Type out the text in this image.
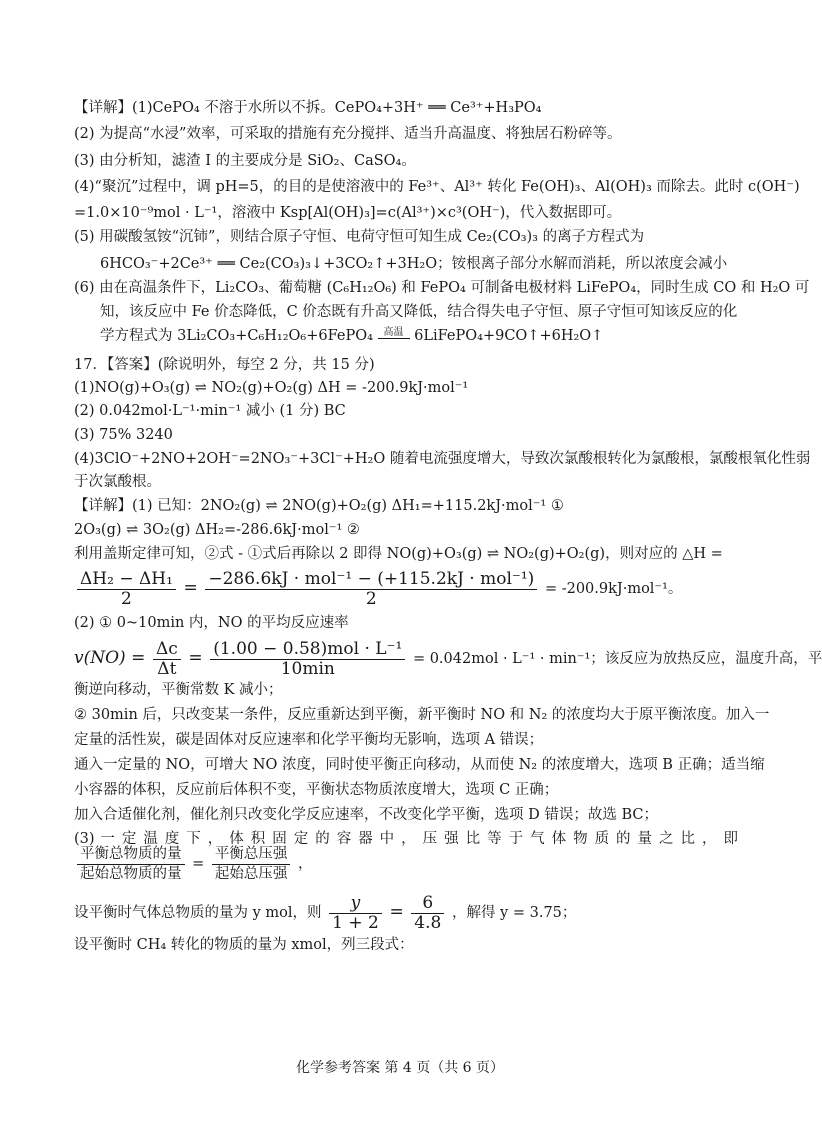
【详解】(1)CePO₄ 不溶于水所以不拆。CePO₄+3H⁺ ══ Ce³⁺+H₃PO₄
(2) 为提高“水浸”效率，可采取的措施有充分搅拌、适当升高温度、将独居石粉碎等。
(3) 由分析知，滤渣 I 的主要成分是 SiO₂、CaSO₄。
(4)“聚沉”过程中，调 pH=5，的目的是使溶液中的 Fe³⁺、Al³⁺ 转化 Fe(OH)₃、Al(OH)₃ 而除去。此时 c(OH⁻)
=1.0×10⁻⁹mol · L⁻¹，溶液中 Ksp[Al(OH)₃]=c(Al³⁺)×c³(OH⁻)，代入数据即可。
(5) 用碳酸氢铵“沉铈”，则结合原子守恒、电荷守恒可知生成 Ce₂(CO₃)₃ 的离子方程式为
6HCO₃⁻+2Ce³⁺ ══ Ce₂(CO₃)₃↓+3CO₂↑+3H₂O；铵根离子部分水解而消耗，所以浓度会减小
(6) 由在高温条件下，Li₂CO₃、葡萄糖 (C₆H₁₂O₆) 和 FePO₄ 可制备电极材料 LiFePO₄，同时生成 CO 和 H₂O 可
知，该反应中 Fe 价态降低，C 价态既有升高又降低，结合得失电子守恒、原子守恒可知该反应的化
学方程式为 3Li₂CO₃+C₆H₁₂O₆+6FePO₄	高温 6LiFePO₄+9CO↑+6H₂O↑
17．【答案】(除说明外，每空 2 分，共 15 分)
(1)NO(g)+O₃(g) ⇌ NO₂(g)+O₂(g) ΔH = -200.9kJ·mol⁻¹
(2) 0.042mol·L⁻¹·min⁻¹ 减小 (1 分) BC
(3) 75% 3240
(4)3ClO⁻+2NO+2OH⁻=2NO₃⁻+3Cl⁻+H₂O 随着电流强度增大，导致次氯酸根转化为氯酸根，氯酸根氧化性弱
于次氯酸根。
【详解】(1) 已知：2NO₂(g) ⇌ 2NO(g)+O₂(g) ΔH₁=+115.2kJ·mol⁻¹ ①
2O₃(g) ⇌ 3O₂(g) ΔH₂=-286.6kJ·mol⁻¹ ②
利用盖斯定律可知，②式 - ①式后再除以 2 即得 NO(g)+O₃(g) ⇌ NO₂(g)+O₂(g)，则对应的 △H =
$\frac{\text{ΔH₂ − ΔH₁}}{2} = \frac{\text{−286.6kJ · mol⁻¹ − (+115.2kJ · mol⁻¹)}}{2} = -200.9kJ\cdot mol^{-1}$。
(2) ① 0~10min 内，NO 的平均反应速率
$v(NO) = \frac{\Delta c}{\Delta t} = \frac{\text{(1.00 − 0.58)mol · L⁻¹}}{10\min} = 0.042mol \cdot L^{-1} \cdot \min^{-1}$；该反应为放热反应，温度升高，平
衡逆向移动，平衡常数 K 减小；
② 30min 后，只改变某一条件，反应重新达到平衡，新平衡时 NO 和 N₂ 的浓度均大于原平衡浓度。加入一
定量的活性炭，碳是固体对反应速率和化学平衡均无影响，选项 A 错误；
通入一定量的 NO，可增大 NO 浓度，同时使平衡正向移动，从而使 N₂ 的浓度增大，选项 B 正确；适当缩
小容器的体积，反应前后体积不变，平衡状态物质浓度增大，选项 C 正确；
加入合适催化剂，催化剂只改变化学反应速率，不改变化学平衡，选项 D 错误；故选 BC；
(3) 一 定 温 度 下 ， 体 积 固 定 的 容 器 中 ， 压 强 比 等 于 气 体 物 质 的 量 之 比 ， 即
$\frac{\text{平衡总物质的量}}{\text{起始总物质的量}} = \frac{\text{平衡总压强}}{\text{起始总压强}}$ ，
设平衡时气体总物质的量为 y mol，则 $\frac{y}{1 + 2} = \frac{6}{4.8}$ ，解得 y = 3.75；
设平衡时 CH₄ 转化的物质的量为 xmol，列三段式：
化学参考答案 第 4 页（共 6 页）
